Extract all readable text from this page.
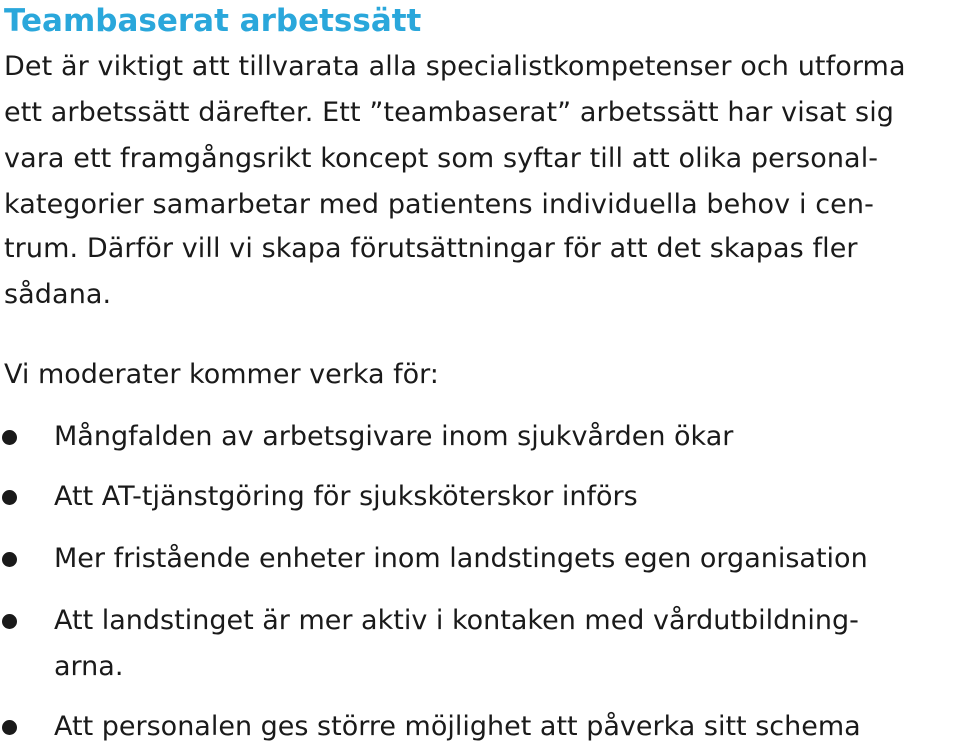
Teambaserat arbetssätt
Det är viktigt att tillvarata alla specialistkompetenser och utforma
ett arbetssätt därefter. Ett ”teambaserat” arbetssätt har visat sig
vara ett framgångsrikt koncept som syftar till att olika personal-
kategorier samarbetar med patientens individuella behov i cen-
trum. Därför vill vi skapa förutsättningar för att det skapas fler
sådana.
Vi moderater kommer verka för:
Mångfalden av arbetsgivare inom sjukvården ökar
Att AT-tjänstgöring för sjuksköterskor införs
Mer fristående enheter inom landstingets egen organisation
Att landstinget är mer aktiv i kontaken med vårdutbildning-
arna.
Att personalen ges större möjlighet att påverka sitt schema
